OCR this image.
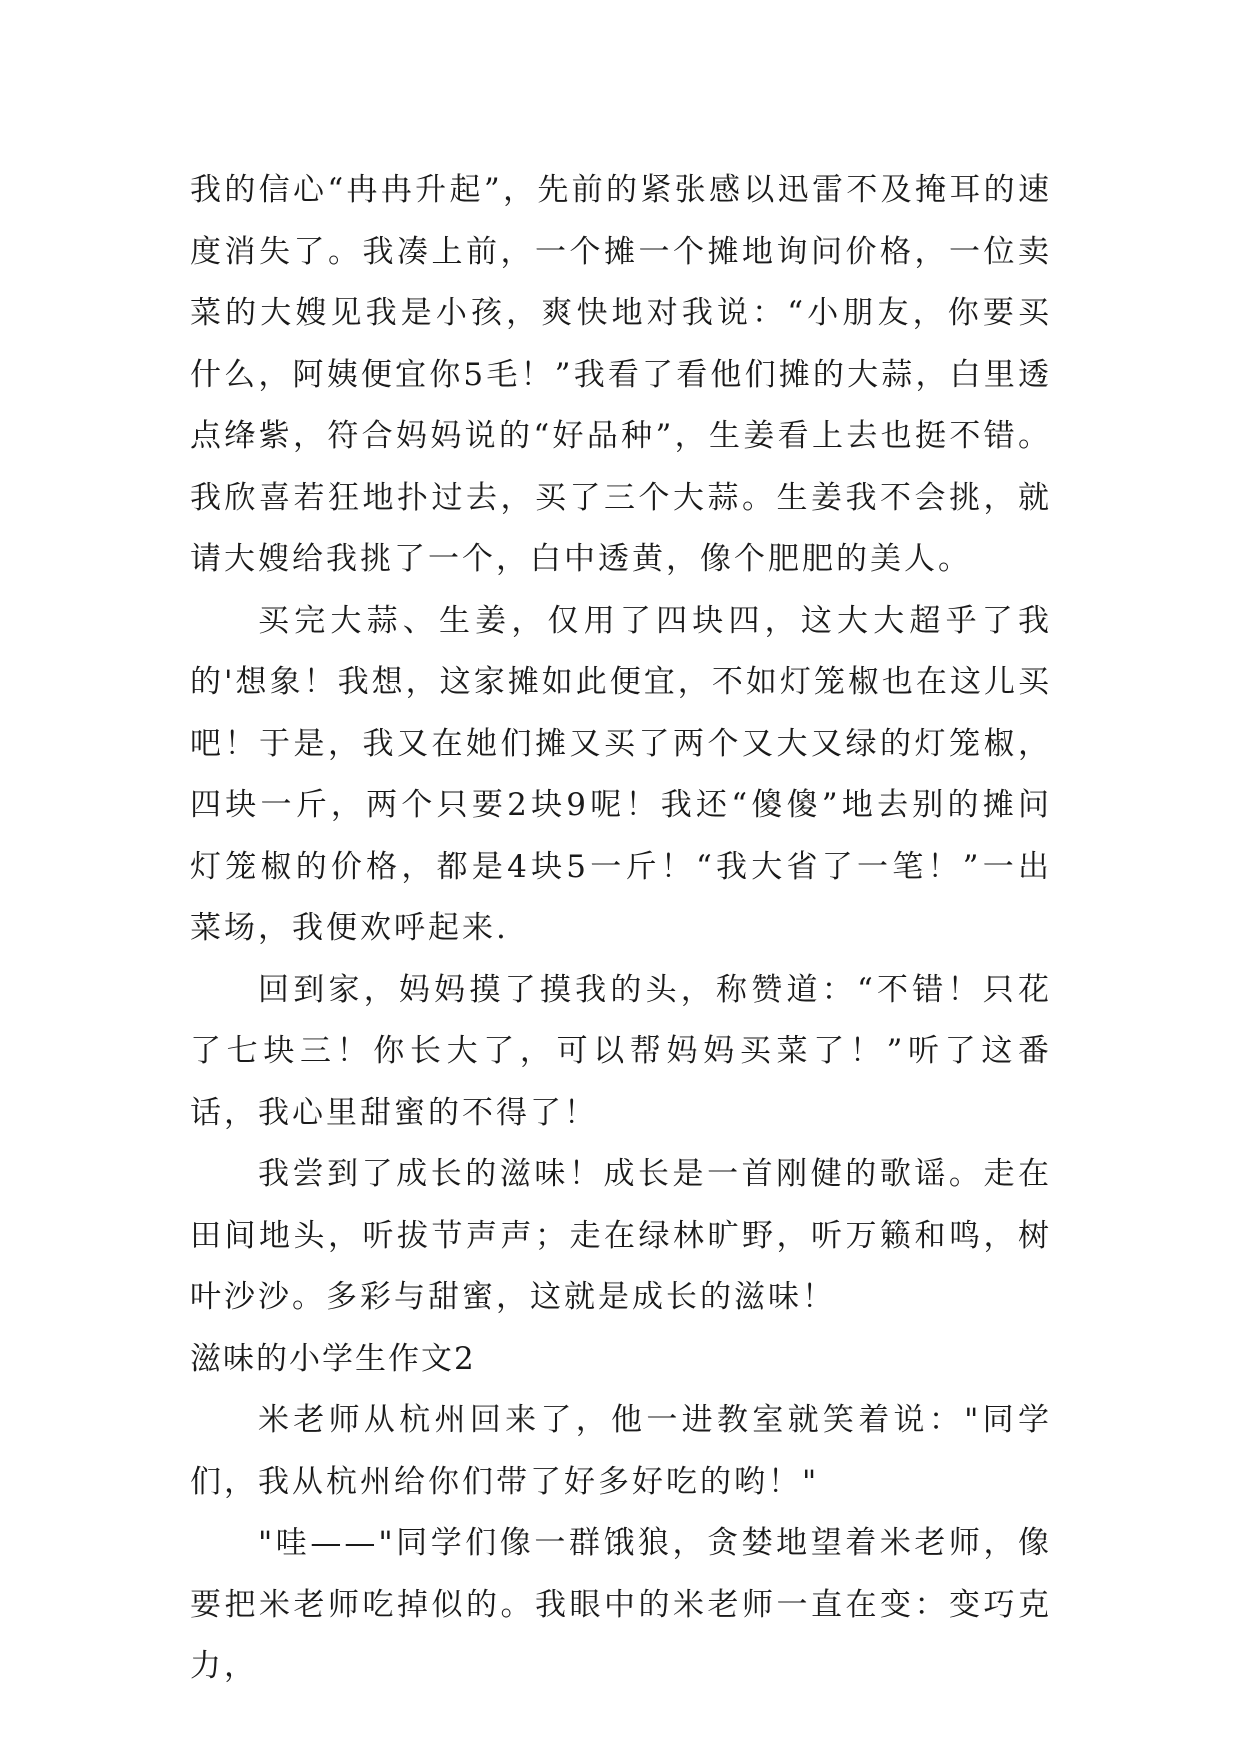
我的信心“冉冉升起”，先前的紧张感以迅雷不及掩耳的速度消失了。我凑上前，一个摊一个摊地询问价格，一位卖菜的大嫂见我是小孩，爽快地对我说：“小朋友，你要买什么，阿姨便宜你5毛！”我看了看他们摊的大蒜，白里透点绛紫，符合妈妈说的“好品种”，生姜看上去也挺不错。我欣喜若狂地扑过去，买了三个大蒜。生姜我不会挑，就请大嫂给我挑了一个，白中透黄，像个肥肥的美人。

买完大蒜、生姜，仅用了四块四，这大大超乎了我的'想象！我想，这家摊如此便宜，不如灯笼椒也在这儿买吧！于是，我又在她们摊又买了两个又大又绿的灯笼椒，四块一斤，两个只要2块9呢！我还“傻傻”地去别的摊问灯笼椒的价格，都是4块5一斤！“我大省了一笔！”一出菜场，我便欢呼起来.

回到家，妈妈摸了摸我的头，称赞道：“不错！只花了七块三！你长大了，可以帮妈妈买菜了！”听了这番话，我心里甜蜜的不得了！

我尝到了成长的滋味！成长是一首刚健的歌谣。走在田间地头，听拔节声声；走在绿林旷野，听万籁和鸣，树叶沙沙。多彩与甜蜜，这就是成长的滋味！

滋味的小学生作文2

米老师从杭州回来了，他一进教室就笑着说："同学们，我从杭州给你们带了好多好吃的哟！"

"哇——"同学们像一群饿狼，贪婪地望着米老师，像要把米老师吃掉似的。我眼中的米老师一直在变：变巧克力，
